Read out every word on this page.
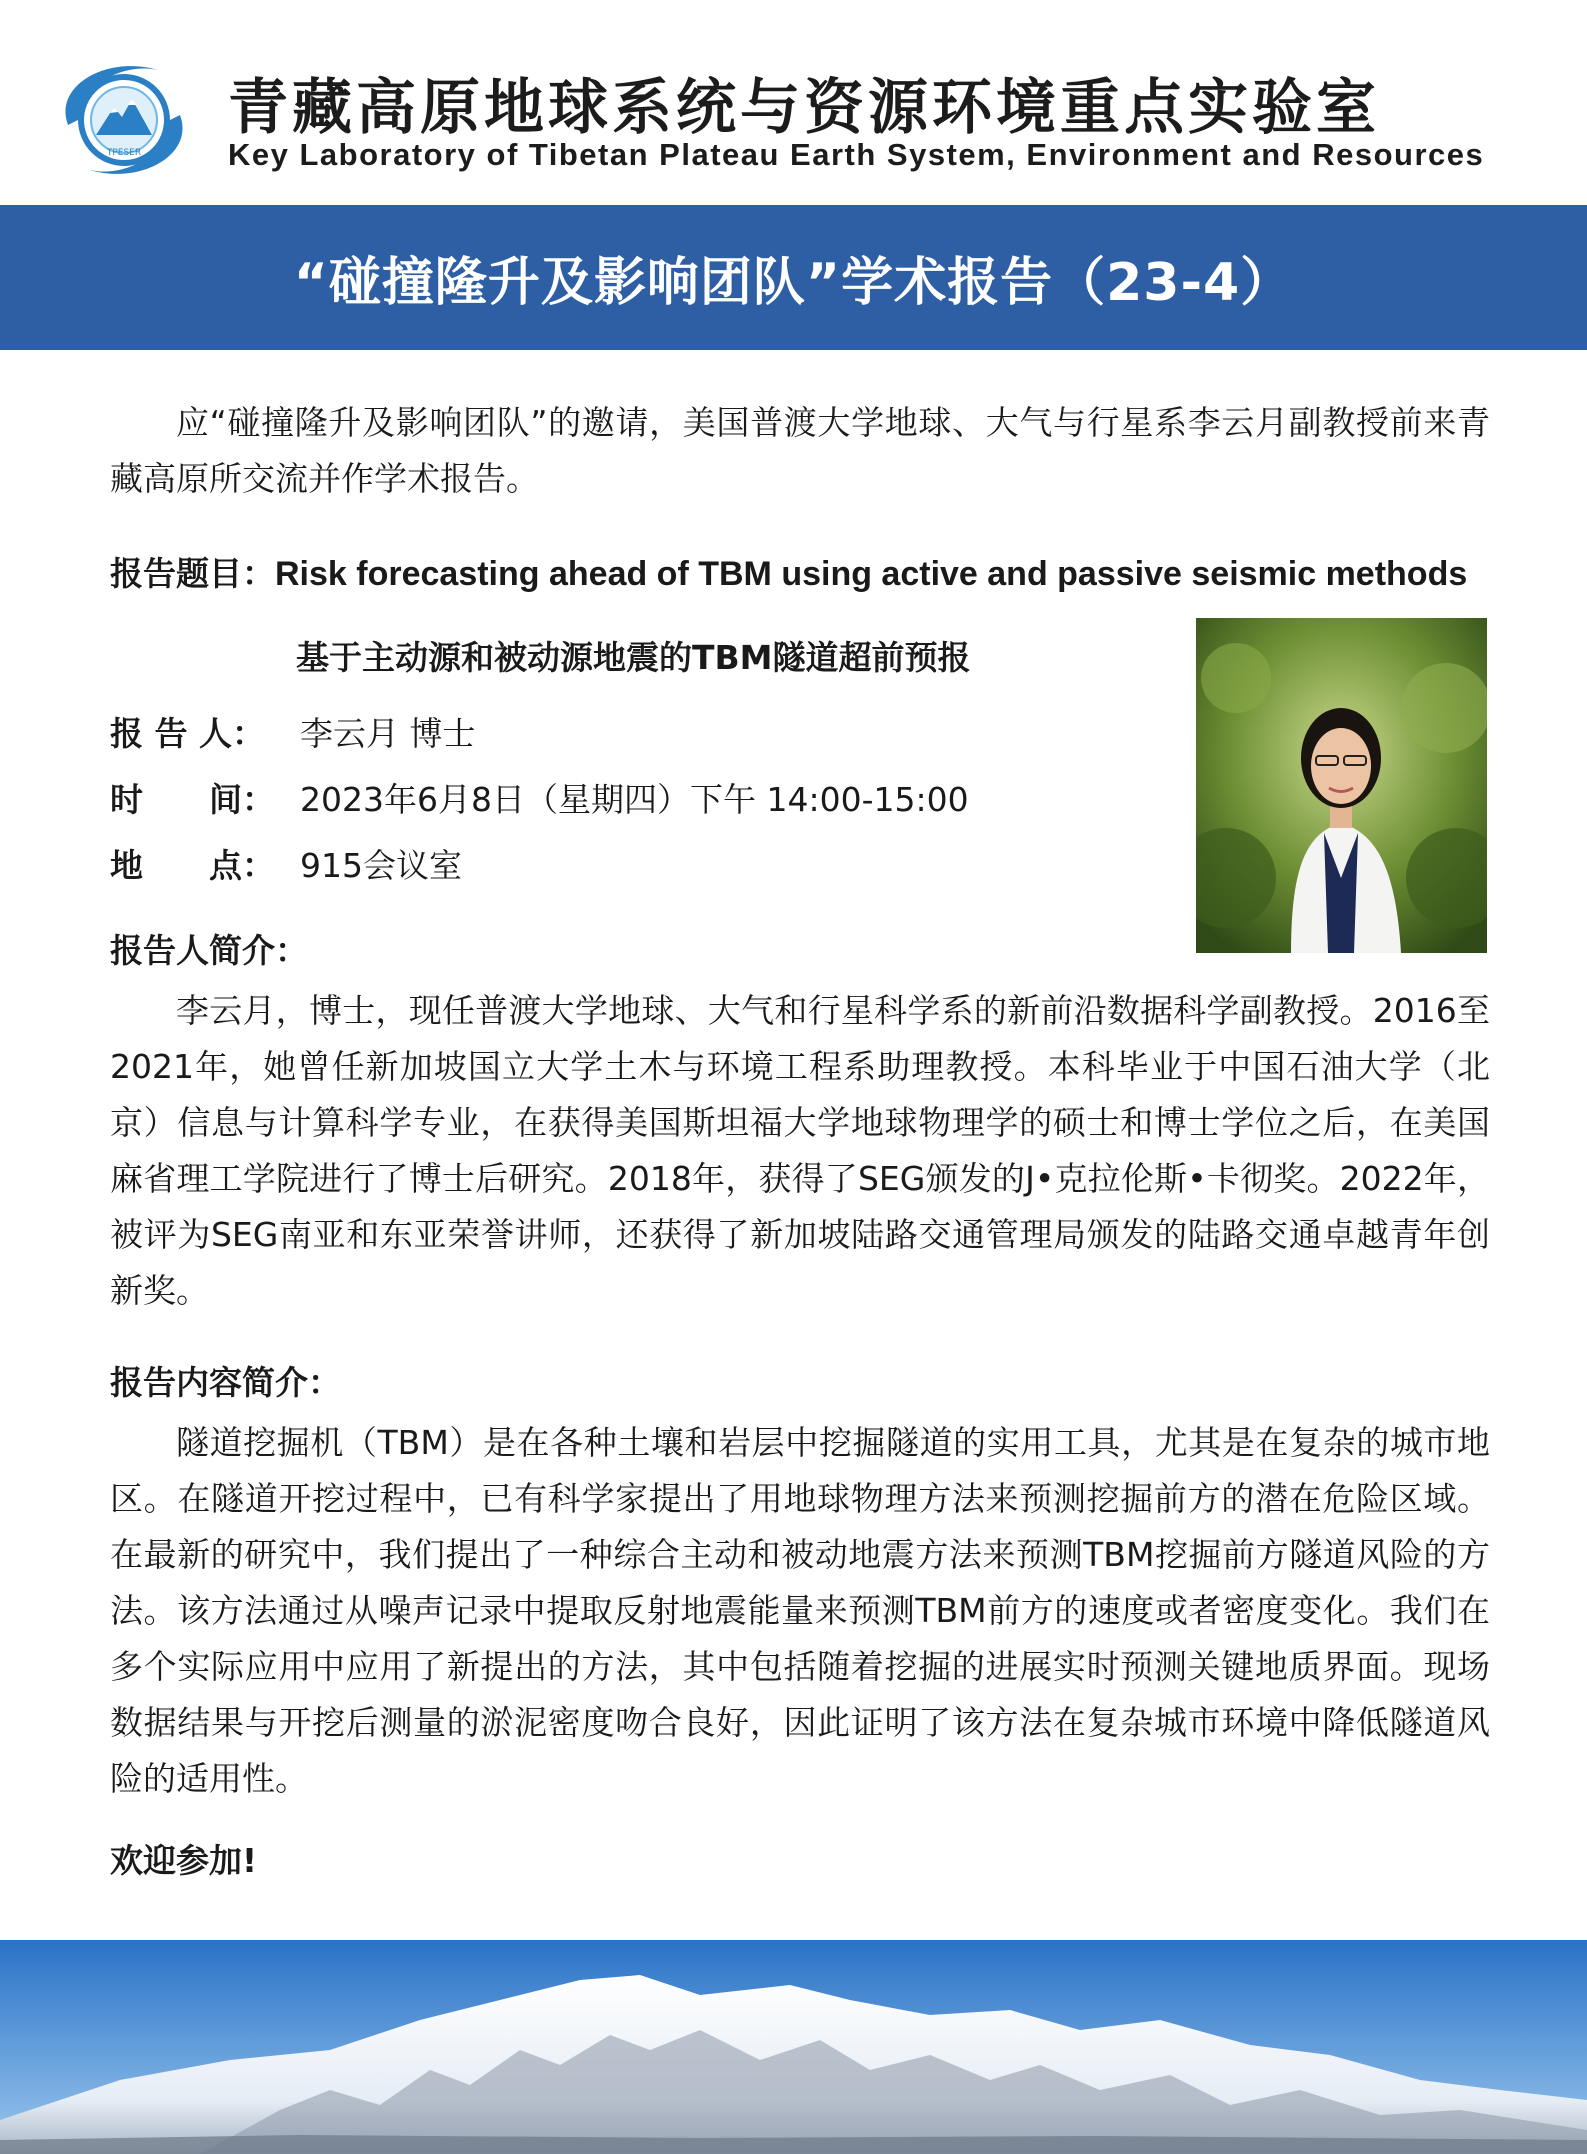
TPESER
青藏高原地球系统与资源环境重点实验室
Key Laboratory of Tibetan Plateau Earth System, Environment and Resources
“碰撞隆升及影响团队”学术报告（23-4）

应“碰撞隆升及影响团队”的邀请，美国普渡大学地球、大气与行星系李云月副教授前来青藏高原所交流并作学术报告。

报告题目：Risk forecasting ahead of TBM using active and passive seismic methods
基于主动源和被动源地震的TBM隧道超前预报
报 告 人： 李云月 博士
时　　间： 2023年6月8日（星期四）下午 14:00-15:00
地　　点： 915会议室
报告人简介：

李云月，博士，现任普渡大学地球、大气和行星科学系的新前沿数据科学副教授。2016至2021年，她曾任新加坡国立大学土木与环境工程系助理教授。本科毕业于中国石油大学（北京）信息与计算科学专业，在获得美国斯坦福大学地球物理学的硕士和博士学位之后，在美国麻省理工学院进行了博士后研究。2018年，获得了SEG颁发的J•克拉伦斯•卡彻奖。2022年，被评为SEG南亚和东亚荣誉讲师，还获得了新加坡陆路交通管理局颁发的陆路交通卓越青年创新奖。

报告内容简介：

隧道挖掘机（TBM）是在各种土壤和岩层中挖掘隧道的实用工具，尤其是在复杂的城市地区。在隧道开挖过程中，已有科学家提出了用地球物理方法来预测挖掘前方的潜在危险区域。在最新的研究中，我们提出了一种综合主动和被动地震方法来预测TBM挖掘前方隧道风险的方法。该方法通过从噪声记录中提取反射地震能量来预测TBM前方的速度或者密度变化。我们在多个实际应用中应用了新提出的方法，其中包括随着挖掘的进展实时预测关键地质界面。现场数据结果与开挖后测量的淤泥密度吻合良好，因此证明了该方法在复杂城市环境中降低隧道风险的适用性。

欢迎参加!
